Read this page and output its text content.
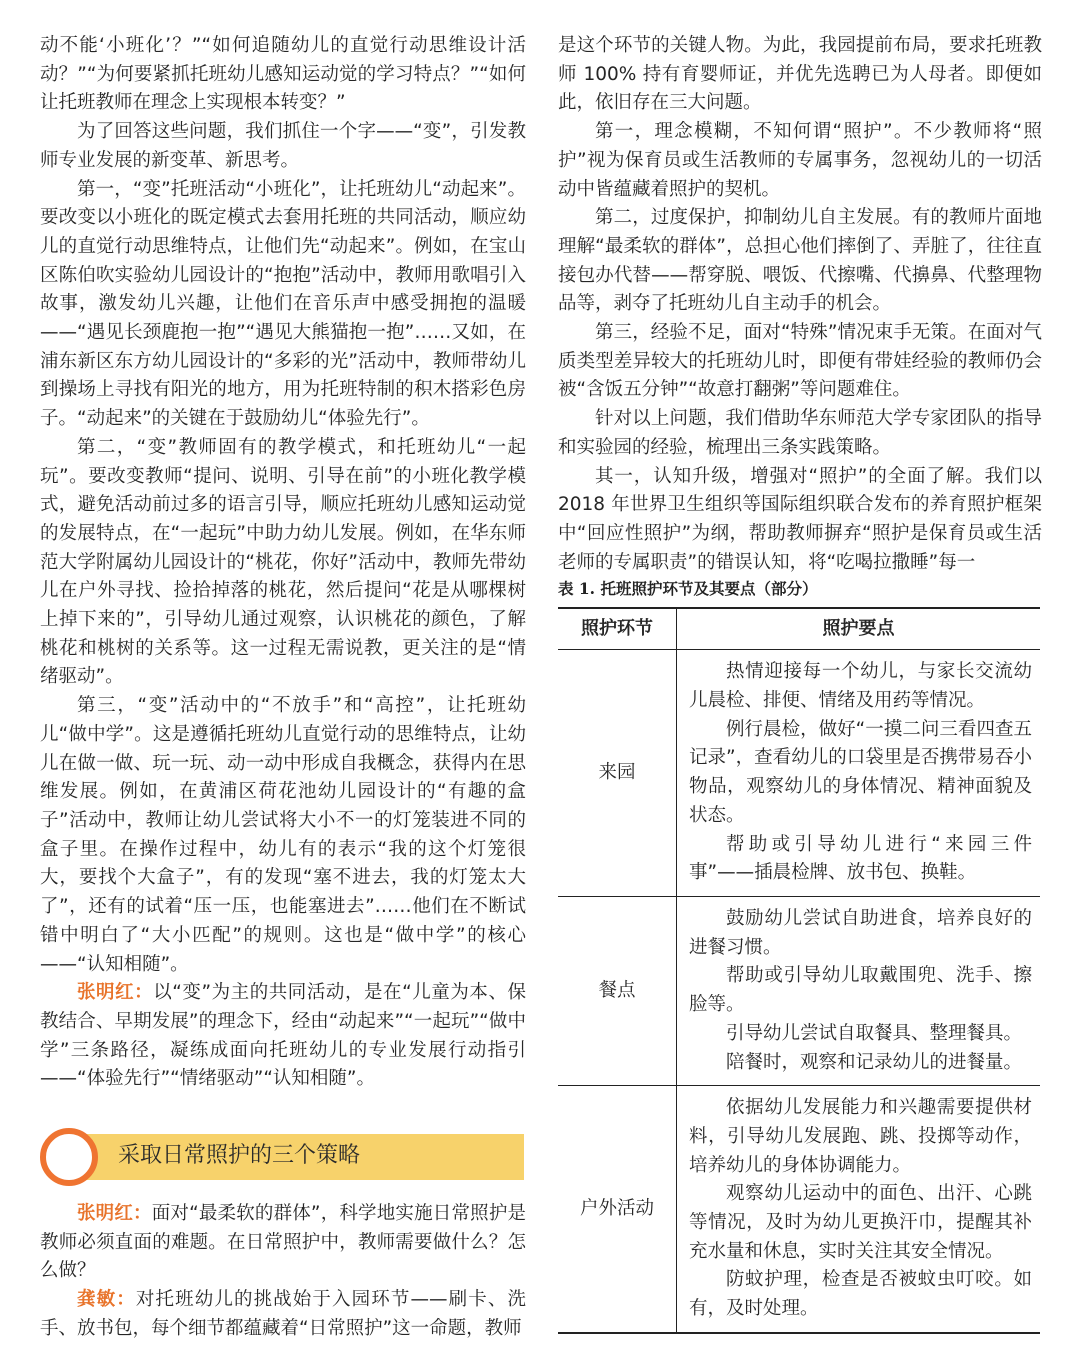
动不能‘小班化’？”“如何追随幼儿的直觉行动思维设计活动？”“为何要紧抓托班幼儿感知运动觉的学习特点？”“如何让托班教师在理念上实现根本转变？”

为了回答这些问题，我们抓住一个字——“变”，引发教师专业发展的新变革、新思考。

第一，“变”托班活动“小班化”，让托班幼儿“动起来”。要改变以小班化的既定模式去套用托班的共同活动，顺应幼儿的直觉行动思维特点，让他们先“动起来”。例如，在宝山区陈伯吹实验幼儿园设计的“抱抱”活动中，教师用歌唱引入故事，激发幼儿兴趣，让他们在音乐声中感受拥抱的温暖——“遇见长颈鹿抱一抱”“遇见大熊猫抱一抱”……又如，在浦东新区东方幼儿园设计的“多彩的光”活动中，教师带幼儿到操场上寻找有阳光的地方，用为托班特制的积木搭彩色房子。“动起来”的关键在于鼓励幼儿“体验先行”。

第二，“变”教师固有的教学模式，和托班幼儿“一起玩”。要改变教师“提问、说明、引导在前”的小班化教学模式，避免活动前过多的语言引导，顺应托班幼儿感知运动觉的发展特点，在“一起玩”中助力幼儿发展。例如，在华东师范大学附属幼儿园设计的“桃花，你好”活动中，教师先带幼儿在户外寻找、捡拾掉落的桃花，然后提问“花是从哪棵树上掉下来的”，引导幼儿通过观察，认识桃花的颜色，了解桃花和桃树的关系等。这一过程无需说教，更关注的是“情绪驱动”。

第三，“变”活动中的“不放手”和“高控”，让托班幼儿“做中学”。这是遵循托班幼儿直觉行动的思维特点，让幼儿在做一做、玩一玩、动一动中形成自我概念，获得内在思维发展。例如，在黄浦区荷花池幼儿园设计的“有趣的盒子”活动中，教师让幼儿尝试将大小不一的灯笼装进不同的盒子里。在操作过程中，幼儿有的表示“我的这个灯笼很大，要找个大盒子”，有的发现“塞不进去，我的灯笼太大了”，还有的试着“压一压，也能塞进去”……他们在不断试错中明白了“大小匹配”的规则。这也是“做中学”的核心——“认知相随”。

张明红：以“变”为主的共同活动，是在“儿童为本、保教结合、早期发展”的理念下，经由“动起来”“一起玩”“做中学”三条路径，凝练成面向托班幼儿的专业发展行动指引——“体验先行”“情绪驱动”“认知相随”。

采取日常照护的三个策略

张明红：面对“最柔软的群体”，科学地实施日常照护是教师必须直面的难题。在日常照护中，教师需要做什么？怎么做？

龚敏：对托班幼儿的挑战始于入园环节——刷卡、洗手、放书包，每个细节都蕴藏着“日常照护”这一命题，教师

是这个环节的关键人物。为此，我园提前布局，要求托班教师 100% 持有育婴师证，并优先选聘已为人母者。即便如此，依旧存在三大问题。

第一，理念模糊，不知何谓“照护”。不少教师将“照护”视为保育员或生活教师的专属事务，忽视幼儿的一切活动中皆蕴藏着照护的契机。

第二，过度保护，抑制幼儿自主发展。有的教师片面地理解“最柔软的群体”，总担心他们摔倒了、弄脏了，往往直接包办代替——帮穿脱、喂饭、代擦嘴、代擤鼻、代整理物品等，剥夺了托班幼儿自主动手的机会。

第三，经验不足，面对“特殊”情况束手无策。在面对气质类型差异较大的托班幼儿时，即便有带娃经验的教师仍会被“含饭五分钟”“故意打翻粥”等问题难住。

针对以上问题，我们借助华东师范大学专家团队的指导和实验园的经验，梳理出三条实践策略。

其一，认知升级，增强对“照护”的全面了解。我们以 2018 年世界卫生组织等国际组织联合发布的养育照护框架中“回应性照护”为纲，帮助教师摒弃“照护是保育员或生活老师的专属职责”的错误认知，将“吃喝拉撒睡”每一

表 1. 托班照护环节及其要点（部分）
照护环节	照护要点
来园	热情迎接每一个幼儿，与家长交流幼儿晨检、排便、情绪及用药等情况。

例行晨检，做好“一摸二问三看四查五记录”，查看幼儿的口袋里是否携带易吞小物品，观察幼儿的身体情况、精神面貌及状态。

帮助或引导幼儿进行“来园三件事”——插晨检牌、放书包、换鞋。

餐点	鼓励幼儿尝试自助进食，培养良好的进餐习惯。

帮助或引导幼儿取戴围兜、洗手、擦脸等。

引导幼儿尝试自取餐具、整理餐具。

陪餐时，观察和记录幼儿的进餐量。

户外活动	依据幼儿发展能力和兴趣需要提供材料，引导幼儿发展跑、跳、投掷等动作，培养幼儿的身体协调能力。

观察幼儿运动中的面色、出汗、心跳等情况，及时为幼儿更换汗巾，提醒其补充水量和休息，实时关注其安全情况。

防蚊护理，检查是否被蚊虫叮咬。如有，及时处理。
